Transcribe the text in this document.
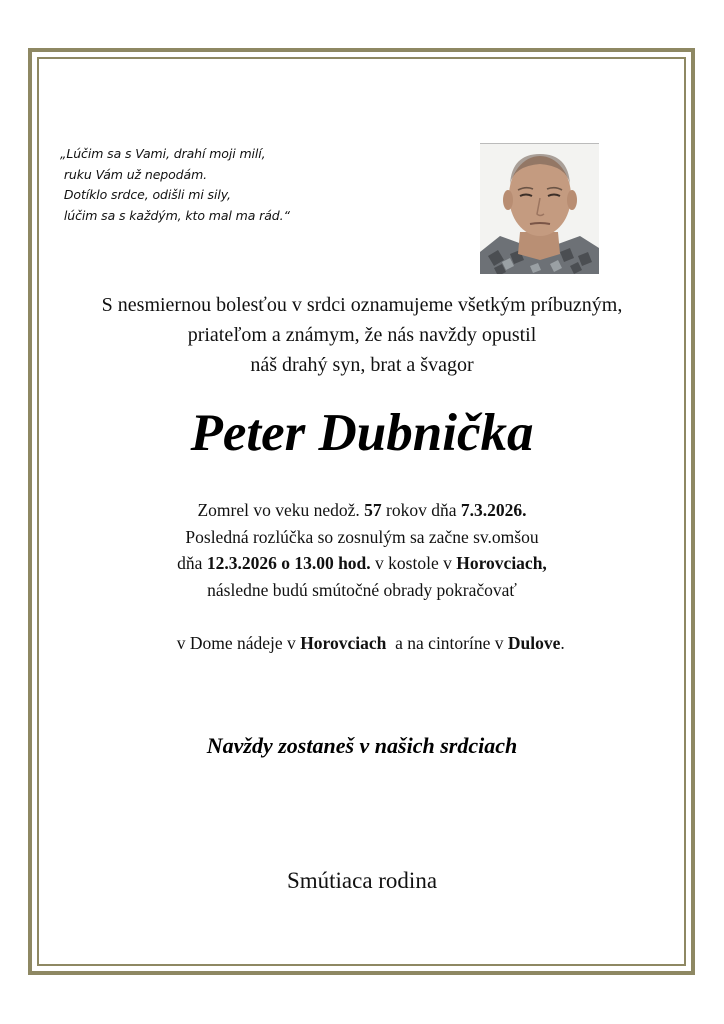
„Lúčim sa s Vami, drahí moji milí,
ruku Vám už nepodám.
Dotíklo srdce, odišli mi sily,
lúčim sa s každým, kto mal ma rád.“
S nesmiernou bolesťou v srdci oznamujeme všetkým príbuzným,
priateľom a známym, že nás navždy opustil
náš drahý syn, brat a švagor
Peter Dubnička
Zomrel vo veku nedož. 57 rokov dňa 7.3.2026.
Posledná rozlúčka so zosnulým sa začne sv.omšou
dňa 12.3.2026 o 13.00 hod. v kostole v Horovciach,
následne budú smútočné obrady pokračovať

v Dome nádeje v Horovciach  a na cintoríne v Dulove.

Navždy zostaneš v našich srdciach
Smútiaca rodina
